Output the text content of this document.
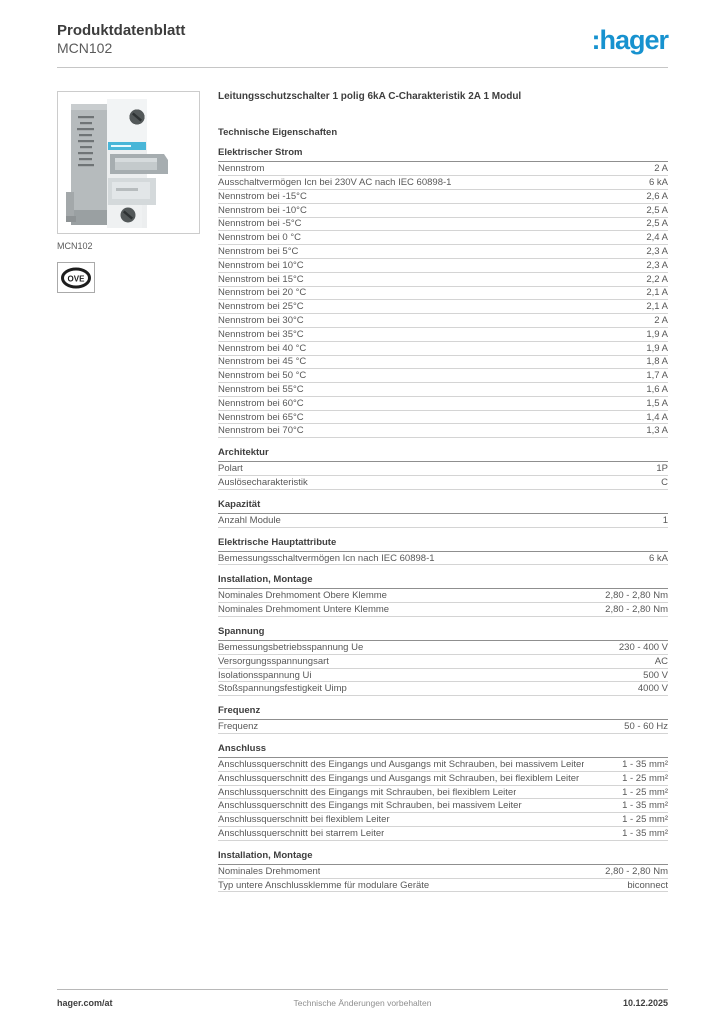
Produktdatenblatt
MCN102	:hager
MCN102
OVE
Leitungsschutzschalter 1 polig 6kA C-Charakteristik 2A 1 Modul
Technische Eigenschaften
Elektrischer Strom
Nennstrom	2 A
Ausschaltvermögen Icn bei 230V AC nach IEC 60898-1	6 kA
Nennstrom bei -15°C	2,6 A
Nennstrom bei -10°C	2,5 A
Nennstrom bei -5°C	2,5 A
Nennstrom bei 0 °C	2,4 A
Nennstrom bei 5°C	2,3 A
Nennstrom bei 10°C	2,3 A
Nennstrom bei 15°C	2,2 A
Nennstrom bei 20 °C	2,1 A
Nennstrom bei 25°C	2,1 A
Nennstrom bei 30°C	2 A
Nennstrom bei 35°C	1,9 A
Nennstrom bei 40 °C	1,9 A
Nennstrom bei 45 °C	1,8 A
Nennstrom bei 50 °C	1,7 A
Nennstrom bei 55°C	1,6 A
Nennstrom bei 60°C	1,5 A
Nennstrom bei 65°C	1,4 A
Nennstrom bei 70°C	1,3 A
Architektur
Polart	1P
Auslösecharakteristik	C
Kapazität
Anzahl Module	1
Elektrische Hauptattribute
Bemessungsschaltvermögen Icn nach IEC 60898-1	6 kA
Installation, Montage
Nominales Drehmoment Obere Klemme	2,80 - 2,80 Nm
Nominales Drehmoment Untere Klemme	2,80 - 2,80 Nm
Spannung
Bemessungsbetriebsspannung Ue	230 - 400 V
Versorgungsspannungsart	AC
Isolationsspannung Ui	500 V
Stoßspannungsfestigkeit Uimp	4000 V
Frequenz
Frequenz	50 - 60 Hz
Anschluss
Anschlussquerschnitt des Eingangs und Ausgangs mit Schrauben, bei massivem Leiter	1 - 35 mm²
Anschlussquerschnitt des Eingangs und Ausgangs mit Schrauben, bei flexiblem Leiter	1 - 25 mm²
Anschlussquerschnitt des Eingangs mit Schrauben, bei flexiblem Leiter	1 - 25 mm²
Anschlussquerschnitt des Eingangs mit Schrauben, bei massivem Leiter	1 - 35 mm²
Anschlussquerschnitt bei flexiblem Leiter	1 - 25 mm²
Anschlussquerschnitt bei starrem Leiter	1 - 35 mm²
Installation, Montage
Nominales Drehmoment	2,80 - 2,80 Nm
Typ untere Anschlussklemme für modulare Geräte	biconnect
hager.com/at	Technische Änderungen vorbehalten	10.12.2025
